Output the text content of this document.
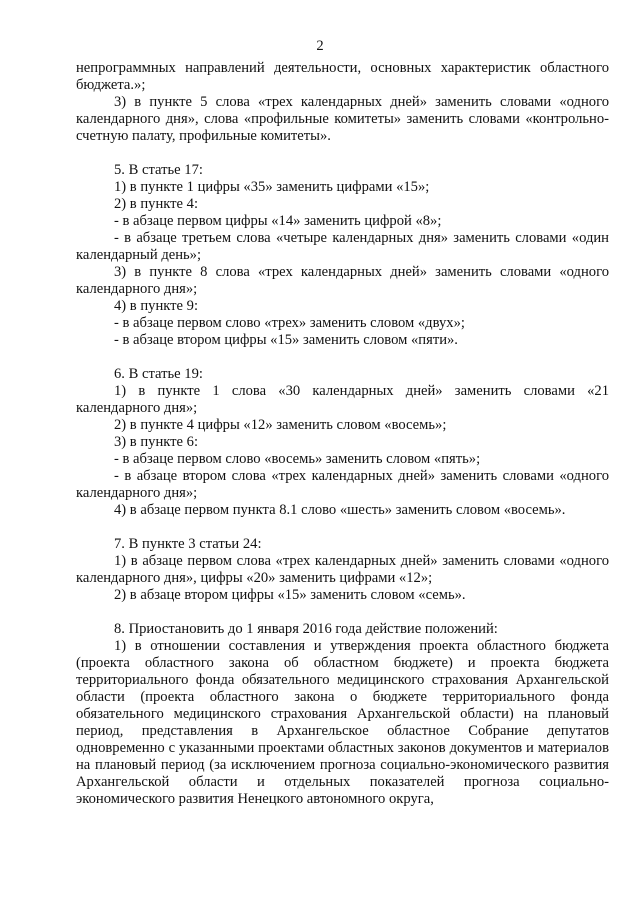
2
непрограммных направлений деятельности, основных характеристик областного бюджета.»;
3) в пункте 5 слова «трех календарных дней» заменить словами «одного календарного дня», слова «профильные комитеты» заменить словами «контрольно-счетную палату, профильные комитеты».
5. В статье 17:
1) в пункте 1 цифры «35» заменить цифрами «15»;
2) в пункте 4:
- в абзаце первом цифры «14» заменить цифрой «8»;
- в абзаце третьем слова «четыре календарных дня» заменить словами «один календарный день»;
3) в пункте 8 слова «трех календарных дней» заменить словами «одного календарного дня»;
4) в пункте 9:
- в абзаце первом слово «трех» заменить словом «двух»;
- в абзаце втором цифры «15» заменить словом «пяти».
6. В статье 19:
1) в пункте 1 слова «30 календарных дней» заменить словами «21 календарного дня»;
2) в пункте 4 цифры «12» заменить словом «восемь»;
3) в пункте 6:
- в абзаце первом слово «восемь» заменить словом «пять»;
- в абзаце втором слова «трех календарных дней» заменить словами «одного календарного дня»;
4) в абзаце первом пункта 8.1 слово «шесть» заменить словом «восемь».
7. В пункте 3 статьи 24:
1) в абзаце первом слова «трех календарных дней» заменить словами «одного календарного дня», цифры «20» заменить цифрами «12»;
2) в абзаце втором цифры «15» заменить словом «семь».
8. Приостановить до 1 января 2016 года действие положений:
1) в отношении составления и утверждения проекта областного бюджета (проекта областного закона об областном бюджете) и проекта бюджета территориального фонда обязательного медицинского страхования Архангельской области (проекта областного закона о бюджете территориального фонда обязательного медицинского страхования Архангельской области) на плановый период, представления в Архангельское областное Собрание депутатов одновременно с указанными проектами областных законов документов и материалов на плановый период (за исключением прогноза социально-экономического развития Архангельской области и отдельных показателей прогноза социально-экономического развития Ненецкого автономного округа,
